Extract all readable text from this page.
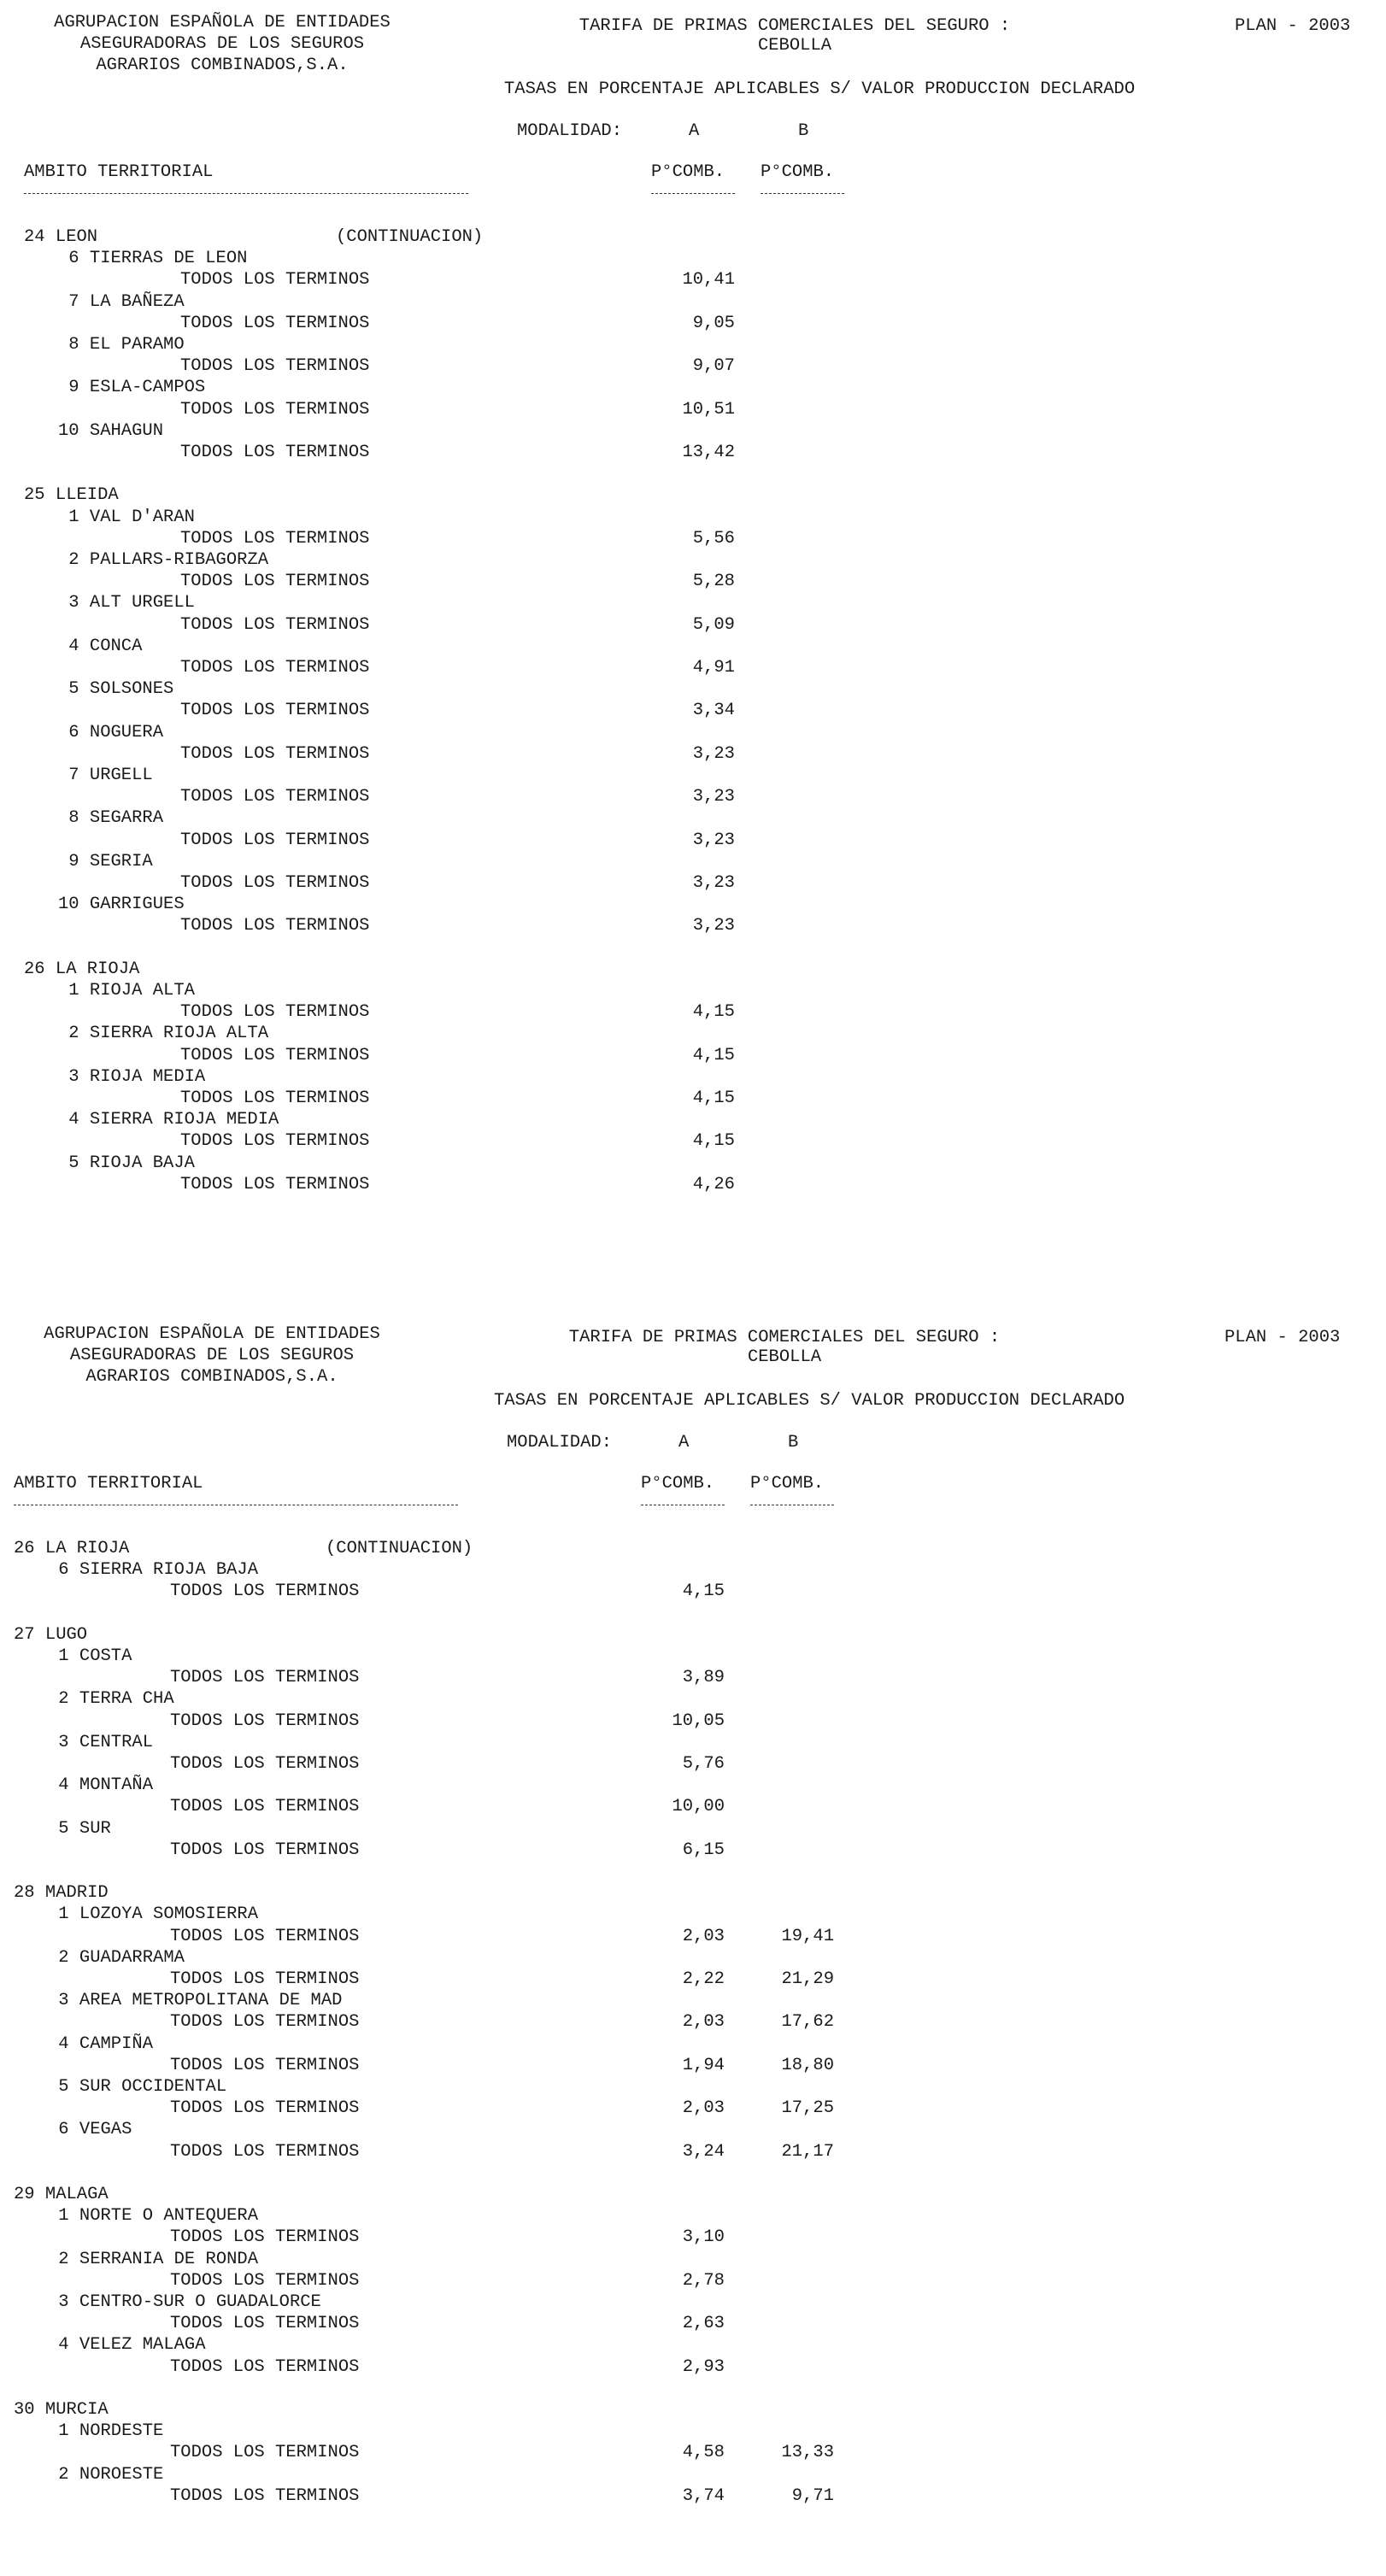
AGRUPACION ESPAÑOLA DE ENTIDADES
ASEGURADORAS DE LOS SEGUROS
AGRARIOS COMBINADOS,S.A.
TARIFA DE PRIMAS COMERCIALES DEL SEGURO :
CEBOLLA
PLAN - 2003
TASAS EN PORCENTAJE APLICABLES S/ VALOR PRODUCCION DECLARADO
MODALIDAD:	A	B
AMBITO TERRITORIAL	P°COMB. P°COMB.
24 LEON	(CONTINUACION)
6 TIERRAS DE LEON
TODOS LOS TERMINOS	10,41
7 LA BAÑEZA
TODOS LOS TERMINOS	9,05
8 EL PARAMO
TODOS LOS TERMINOS	9,07
9 ESLA-CAMPOS
TODOS LOS TERMINOS	10,51
10 SAHAGUN
TODOS LOS TERMINOS	13,42
25 LLEIDA
1 VAL D'ARAN
TODOS LOS TERMINOS	5,56
2 PALLARS-RIBAGORZA
TODOS LOS TERMINOS	5,28
3 ALT URGELL
TODOS LOS TERMINOS	5,09
4 CONCA
TODOS LOS TERMINOS	4,91
5 SOLSONES
TODOS LOS TERMINOS	3,34
6 NOGUERA
TODOS LOS TERMINOS	3,23
7 URGELL
TODOS LOS TERMINOS	3,23
8 SEGARRA
TODOS LOS TERMINOS	3,23
9 SEGRIA
TODOS LOS TERMINOS	3,23
10 GARRIGUES
TODOS LOS TERMINOS	3,23
26 LA RIOJA
1 RIOJA ALTA
TODOS LOS TERMINOS	4,15
2 SIERRA RIOJA ALTA
TODOS LOS TERMINOS	4,15
3 RIOJA MEDIA
TODOS LOS TERMINOS	4,15
4 SIERRA RIOJA MEDIA
TODOS LOS TERMINOS	4,15
5 RIOJA BAJA
TODOS LOS TERMINOS	4,26
AGRUPACION ESPAÑOLA DE ENTIDADES
ASEGURADORAS DE LOS SEGUROS
AGRARIOS COMBINADOS,S.A.
TARIFA DE PRIMAS COMERCIALES DEL SEGURO :
CEBOLLA
PLAN - 2003
TASAS EN PORCENTAJE APLICABLES S/ VALOR PRODUCCION DECLARADO
MODALIDAD:	A	B
AMBITO TERRITORIAL	P°COMB. P°COMB.
26 LA RIOJA	(CONTINUACION)
6 SIERRA RIOJA BAJA
TODOS LOS TERMINOS	4,15
27 LUGO
1 COSTA
TODOS LOS TERMINOS	3,89
2 TERRA CHA
TODOS LOS TERMINOS	10,05
3 CENTRAL
TODOS LOS TERMINOS	5,76
4 MONTAÑA
TODOS LOS TERMINOS	10,00
5 SUR
TODOS LOS TERMINOS	6,15
28 MADRID
1 LOZOYA SOMOSIERRA
TODOS LOS TERMINOS	2,03	19,41
2 GUADARRAMA
TODOS LOS TERMINOS	2,22	21,29
3 AREA METROPOLITANA DE MAD
TODOS LOS TERMINOS	2,03	17,62
4 CAMPIÑA
TODOS LOS TERMINOS	1,94	18,80
5 SUR OCCIDENTAL
TODOS LOS TERMINOS	2,03	17,25
6 VEGAS
TODOS LOS TERMINOS	3,24	21,17
29 MALAGA
1 NORTE O ANTEQUERA
TODOS LOS TERMINOS	3,10
2 SERRANIA DE RONDA
TODOS LOS TERMINOS	2,78
3 CENTRO-SUR O GUADALORCE
TODOS LOS TERMINOS	2,63
4 VELEZ MALAGA
TODOS LOS TERMINOS	2,93
30 MURCIA
1 NORDESTE
TODOS LOS TERMINOS	4,58	13,33
2 NOROESTE
TODOS LOS TERMINOS	3,74	9,71
